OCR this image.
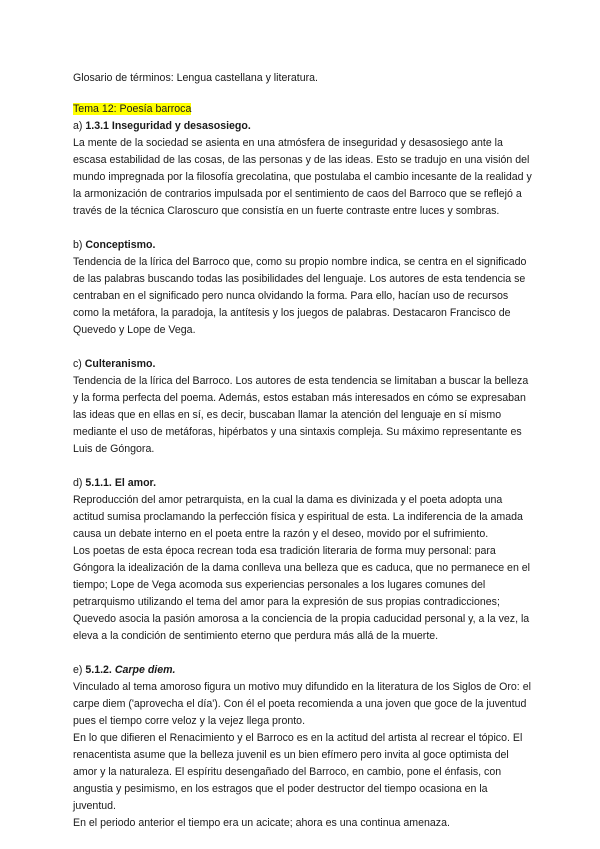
Glosario de términos: Lengua castellana y literatura.

Tema 12: Poesía barroca

a) 1.3.1 Inseguridad y desasosiego.

La mente de la sociedad se asienta en una atmósfera de inseguridad y desasosiego ante la escasa estabilidad de las cosas, de las personas y de las ideas. Esto se tradujo en una visión del mundo impregnada por la filosofía grecolatina, que postulaba el cambio incesante de la realidad y la armonización de contrarios impulsada por el sentimiento de caos del Barroco que se reflejó a través de la técnica Claroscuro que consistía en un fuerte contraste entre luces y sombras.

b) Conceptismo.

Tendencia de la lírica del Barroco que, como su propio nombre indica, se centra en el significado de las palabras buscando todas las posibilidades del lenguaje. Los autores de esta tendencia se centraban en el significado pero nunca olvidando la forma. Para ello, hacían uso de recursos como la metáfora, la paradoja, la antítesis y los juegos de palabras. Destacaron Francisco de Quevedo y Lope de Vega.

c) Culteranismo.

Tendencia de la lírica del Barroco. Los autores de esta tendencia se limitaban a buscar la belleza y la forma perfecta del poema. Además, estos estaban más interesados en cómo se expresaban las ideas que en ellas en sí, es decir, buscaban llamar la atención del lenguaje en sí mismo mediante el uso de metáforas, hipérbatos y una sintaxis compleja. Su máximo representante es Luis de Góngora.

d) 5.1.1. El amor.

Reproducción del amor petrarquista, en la cual la dama es divinizada y el poeta adopta una actitud sumisa proclamando la perfección física y espiritual de esta. La indiferencia de la amada causa un debate interno en el poeta entre la razón y el deseo, movido por el sufrimiento.

Los poetas de esta época recrean toda esa tradición literaria de forma muy personal: para Góngora la idealización de la dama conlleva una belleza que es caduca, que no permanece en el tiempo; Lope de Vega acomoda sus experiencias personales a los lugares comunes del petrarquismo utilizando el tema del amor para la expresión de sus propias contradicciones; Quevedo asocia la pasión amorosa a la conciencia de la propia caducidad personal y, a la vez, la eleva a la condición de sentimiento eterno que perdura más allá de la muerte.

e) 5.1.2. Carpe diem.

Vinculado al tema amoroso figura un motivo muy difundido en la literatura de los Siglos de Oro: el carpe diem ('aprovecha el día'). Con él el poeta recomienda a una joven que goce de la juventud pues el tiempo corre veloz y la vejez llega pronto.

En lo que difieren el Renacimiento y el Barroco es en la actitud del artista al recrear el tópico. El renacentista asume que la belleza juvenil es un bien efímero pero invita al goce optimista del amor y la naturaleza. El espíritu desengañado del Barroco, en cambio, pone el énfasis, con angustia y pesimismo, en los estragos que el poder destructor del tiempo ocasiona en la juventud.

En el periodo anterior el tiempo era un acicate; ahora es una continua amenaza.
